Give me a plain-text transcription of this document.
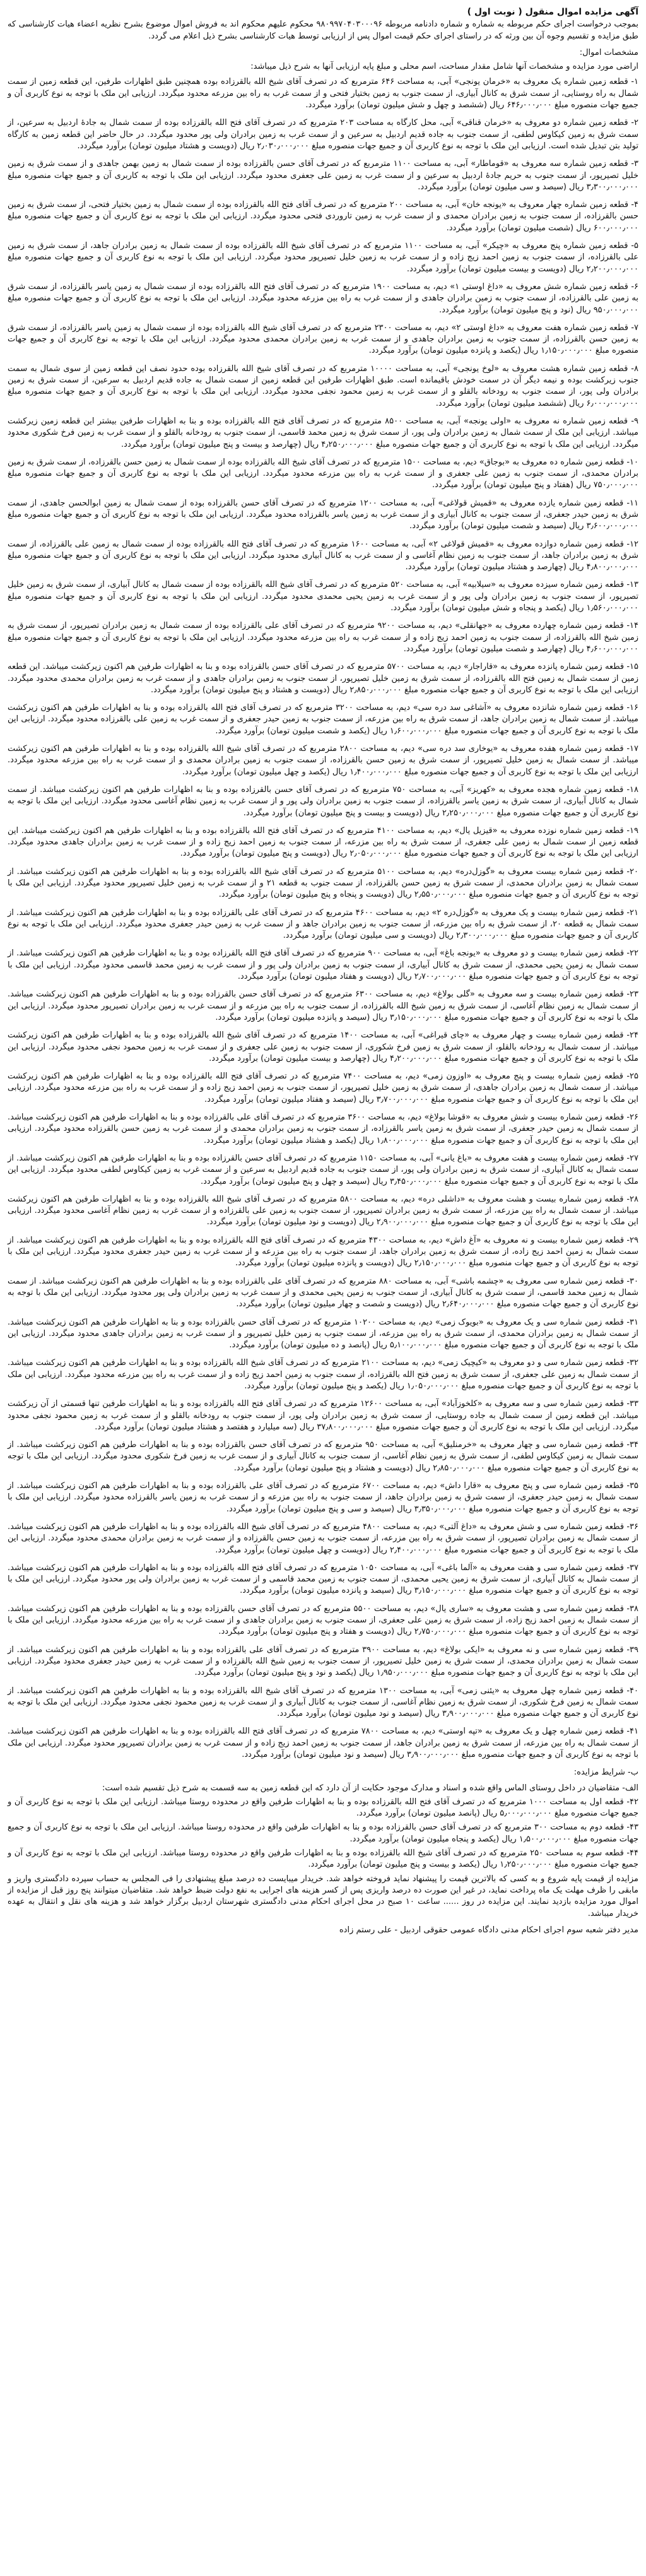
آگهی مزایده اموال منقول ( نوبت اول )
بموجب درخواست اجرای حکم مربوطه به شماره و شماره دادنامه مربوطه ۹۸۰۹۹۷۰۴۰۳۰۰۰۹۶ محکوم علیهم محکوم اند به فروش اموال موضوع بشرح نظریه اعضاء هیات کارشناسی که طبق مزایده و تقسیم وجوه آن بین ورثه که در راستای اجرای حکم قیمت اموال پس از ارزیابی توسط هیات کارشناسی بشرح ذیل اعلام می گردد.
مشخصات اموال:
اراضی مورد مزایده و مشخصات آنها شامل مقدار مساحت، اسم محلی و مبلغ پایه ارزیابی آنها به شرح ذیل میباشد:

۱- قطعه زمین شماره یک معروف به «خرمان یونجی» آبی، به مساحت ۶۴۶ مترمربع که در تصرف آقای شیخ الله بالقرزاده بوده همچنین طبق اظهارات طرفین، این قطعه زمین از سمت شمال به راه روستایی، از سمت شرق به کانال آبیاری، از سمت جنوب به زمین بختیار فتحی و از سمت غرب به راه بین مزرعه محدود میگردد. ارزیابی این ملک با توجه به نوع کاربری آن و جمیع جهات منصوره مبلغ ۶۴۶٫۰۰۰٫۰۰۰ ریال (ششصد و چهل و شش میلیون تومان) برآورد میگردد.

۲- قطعه زمین شماره دو معروف به «خرمان قناقی» آبی، محل کارگاه به مساحت ۲۰۳ مترمربع که در تصرف آقای فتح الله بالقرزاده بوده از سمت شمال به جادهٔ اردبیل به سرعین، از سمت شرق به زمین کیکاوس لطفی، از سمت جنوب به جاده قدیم اردبیل به سرعین و از سمت غرب به زمین برادران ولی پور محدود میگردد. در حال حاضر این قطعه زمین به کارگاه تولید بتن تبدیل شده است. ارزیابی این ملک با توجه به نوع کاربری آن و جمیع جهات منصوره مبلغ ۲٫۰۳۰٫۰۰۰٫۰۰۰ ریال (دویست و هشتاد میلیون تومان) برآورد میگردد.

۳- قطعه زمین شماره سه معروف به «قوماطار» آبی، به مساحت ۱۱۰۰ مترمربع که در تصرف آقای حسن بالقرزاده بوده از سمت شمال به زمین بهمن جاهدی و از سمت شرق به زمین خلیل تصیرپور، از سمت جنوب به حریم جادهٔ اردبیل به سرعین و از سمت غرب به زمین علی جعفری محدود میگردد. ارزیابی این ملک با توجه به کاربری آن و جمیع جهات منصوره مبلغ ۳٫۳۰۰٫۰۰۰٫۰۰۰ ریال (سیصد و سی میلیون تومان) برآورد میگردد.

۴- قطعه زمین شماره چهار معروف به «یونجه خان» آبی، به مساحت ۲۰۰ مترمربع که در تصرف آقای فتح الله بالقرزاده بوده از سمت شمال به زمین بختیار فتحی، از سمت شرق به زمین حسن بالقرزاده، از سمت جنوب به زمین برادران محمدی و از سمت غرب به زمین تاروردی فتحی محدود میگردد. ارزیابی این ملک با توجه به نوع کاربری آن و جمیع جهات منصوره مبلغ ۶۰۰٫۰۰۰٫۰۰۰ ریال (شصت میلیون تومان) برآورد میگردد.

۵- قطعه زمین شماره پنج معروف به «چیکر» آبی، به مساحت ۱۱۰۰ مترمربع که در تصرف آقای شیخ الله بالقرزاده بوده از سمت شمال به زمین برادران جاهد، از سمت شرق به زمین علی بالقرزاده، از سمت جنوب به زمین احمد زیج زاده و از سمت غرب به زمین خلیل تصیرپور محدود میگردد. ارزیابی این ملک با توجه به نوع کاربری آن و جمیع جهات منصوره مبلغ ۲٫۲۰۰٫۰۰۰٫۰۰۰ ریال (دویست و بیست میلیون تومان) برآورد میگردد.

۶- قطعه زمین شماره شش معروف به «داغ اوستی ۱» دیم، به مساحت ۱۹۰۰ مترمربع که در تصرف آقای فتح الله بالقرزاده بوده از سمت شمال به زمین یاسر بالقرزاده، از سمت شرق به زمین علی بالقرزاده، از سمت جنوب به زمین برادران جاهدی و از سمت غرب به راه بین مزرعه محدود میگردد. ارزیابی این ملک با توجه به نوع کاربری آن و جمیع جهات منصوره مبلغ ۹۵۰٫۰۰۰٫۰۰۰ ریال (نود و پنج میلیون تومان) برآورد میگردد.

۷- قطعه زمین شماره هفت معروف به «داغ اوستی ۲» دیم، به مساحت ۲۳۰۰ مترمربع که در تصرف آقای شیخ الله بالقرزاده بوده از سمت شمال به زمین یاسر بالقرزاده، از سمت شرق به زمین حسن بالقرزاده، از سمت جنوب به زمین برادران جاهدی و از سمت غرب به زمین برادران محمدی محدود میگردد. ارزیابی این ملک با توجه به نوع کاربری آن و جمیع جهات منصوره مبلغ ۱٫۱۵۰٫۰۰۰٫۰۰۰ ریال (یکصد و پانزده میلیون تومان) برآورد میگردد.

۸- قطعه زمین شماره هشت معروف به «لوخ یونجی» آبی، به مساحت ۱۰۰۰۰ مترمربع که در تصرف آقای شیخ الله بالقرزاده بوده حدود نصف این قطعه زمین از سوی شمال به سمت جنوب زیرکشت بوده و نیمه دیگر آن در سمت خودش باقیمانده است. طبق اظهارات طرفین این قطعه زمین از سمت شمال به جاده قدیم اردبیل به سرعین، از سمت شرق به زمین برادران ولی پور، از سمت جنوب به رودخانه بالقلو و از سمت غرب به زمین محمود نجفی محدود میگردد. ارزیابی این ملک با توجه به نوع کاربری آن و جمیع جهات منصوره مبلغ ۶٫۰۰۰٫۰۰۰٫۰۰۰ ریال (ششصد میلیون تومان) برآورد میگردد.

۹- قطعه زمین شماره نه معروف به «اولی یونجه» آبی، به مساحت ۸۵۰۰ مترمربع که در تصرف آقای فتح الله بالقرزاده بوده و بنا به اظهارات طرفین بیشتر این قطعه زمین زیرکشت میباشد. ارزیابی این ملک از سمت شمال به زمین برادران ولی پور، از سمت شرق به زمین محمد قاسمی، از سمت جنوب به رودخانه بالقلو و از سمت غرب به زمین فرخ شکوری محدود میگردد. ارزیابی این ملک با توجه به نوع کاربری آن و جمیع جهات منصوره مبلغ ۴٫۲۵۰٫۰۰۰٫۰۰۰ ریال (چهارصد و بیست و پنج میلیون تومان) برآورد میگردد.

۱۰- قطعه زمین شماره ده معروف به «بوجاق» دیم، به مساحت ۱۵۰۰ مترمربع که در تصرف آقای شیخ الله بالقرزاده بوده از سمت شمال به زمین حسن بالقرزاده، از سمت شرق به زمین برادران محمدی، از سمت جنوب به زمین علی جعفری و از سمت غرب به راه بین مزرعه محدود میگردد. ارزیابی این ملک با توجه به نوع کاربری آن و جمیع جهات منصوره مبلغ ۷۵۰٫۰۰۰٫۰۰۰ ریال (هفتاد و پنج میلیون تومان) برآورد میگردد.

۱۱- قطعه زمین شماره یازده معروف به «قمیش قولاغی» آبی، به مساحت ۱۲۰۰ مترمربع که در تصرف آقای حسن بالقرزاده بوده از سمت شمال به زمین ابوالحسن جاهدی، از سمت شرق به زمین حیدر جعفری، از سمت جنوب به کانال آبیاری و از سمت غرب به زمین یاسر بالقرزاده محدود میگردد. ارزیابی این ملک با توجه به نوع کاربری آن و جمیع جهات منصوره مبلغ ۳٫۶۰۰٫۰۰۰٫۰۰۰ ریال (سیصد و شصت میلیون تومان) برآورد میگردد.

۱۲- قطعه زمین شماره دوازده معروف به «قمیش قولاغی ۲» آبی، به مساحت ۱۶۰۰ مترمربع که در تصرف آقای فتح الله بالقرزاده بوده از سمت شمال به زمین علی بالقرزاده، از سمت شرق به زمین برادران جاهد، از سمت جنوب به زمین نظام آغاسی و از سمت غرب به کانال آبیاری محدود میگردد. ارزیابی این ملک با توجه به نوع کاربری آن و جمیع جهات منصوره مبلغ ۴٫۸۰۰٫۰۰۰٫۰۰۰ ریال (چهارصد و هشتاد میلیون تومان) برآورد میگردد.

۱۳- قطعه زمین شماره سیزده معروف به «سیلابیه» آبی، به مساحت ۵۲۰ مترمربع که در تصرف آقای شیخ الله بالقرزاده بوده از سمت شمال به کانال آبیاری، از سمت شرق به زمین خلیل تصیرپور، از سمت جنوب به زمین برادران ولی پور و از سمت غرب به زمین یحیی محمدی محدود میگردد. ارزیابی این ملک با توجه به نوع کاربری آن و جمیع جهات منصوره مبلغ ۱٫۵۶۰٫۰۰۰٫۰۰۰ ریال (یکصد و پنجاه و شش میلیون تومان) برآورد میگردد.

۱۴- قطعه زمین شماره چهارده معروف به «جهانقلی» دیم، به مساحت ۹۲۰۰ مترمربع که در تصرف آقای علی بالقرزاده بوده از سمت شمال به زمین برادران تصیرپور، از سمت شرق به زمین شیخ الله بالقرزاده، از سمت جنوب به زمین احمد زیج زاده و از سمت غرب به راه بین مزرعه محدود میگردد. ارزیابی این ملک با توجه به نوع کاربری آن و جمیع جهات منصوره مبلغ ۴٫۶۰۰٫۰۰۰٫۰۰۰ ریال (چهارصد و شصت میلیون تومان) برآورد میگردد.

۱۵- قطعه زمین شماره پانزده معروف به «قاراجار» دیم، به مساحت ۵۷۰۰ مترمربع که در تصرف آقای حسن بالقرزاده بوده و بنا به اظهارات طرفین هم اکنون زیرکشت میباشد. این قطعه زمین از سمت شمال به زمین فتح الله بالقرزاده، از سمت شرق به زمین خلیل تصیرپور، از سمت جنوب به زمین برادران جاهدی و از سمت غرب به زمین برادران محمدی محدود میگردد. ارزیابی این ملک با توجه به نوع کاربری آن و جمیع جهات منصوره مبلغ ۲٫۸۵۰٫۰۰۰٫۰۰۰ ریال (دویست و هشتاد و پنج میلیون تومان) برآورد میگردد.

۱۶- قطعه زمین شماره شانزده معروف به «آشاغی سد دره سی» دیم، به مساحت ۳۲۰۰ مترمربع که در تصرف آقای فتح الله بالقرزاده بوده و بنا به اظهارات طرفین هم اکنون زیرکشت میباشد. از سمت شمال به زمین برادران جاهد، از سمت شرق به راه بین مزرعه، از سمت جنوب به زمین حیدر جعفری و از سمت غرب به زمین علی بالقرزاده محدود میگردد. ارزیابی این ملک با توجه به نوع کاربری آن و جمیع جهات منصوره مبلغ ۱٫۶۰۰٫۰۰۰٫۰۰۰ ریال (یکصد و شصت میلیون تومان) برآورد میگردد.

۱۷- قطعه زمین شماره هفده معروف به «یوخاری سد دره سی» دیم، به مساحت ۲۸۰۰ مترمربع که در تصرف آقای شیخ الله بالقرزاده بوده و بنا به اظهارات طرفین هم اکنون زیرکشت میباشد. از سمت شمال به زمین خلیل تصیرپور، از سمت شرق به زمین حسن بالقرزاده، از سمت جنوب به زمین برادران محمدی و از سمت غرب به راه بین مزرعه محدود میگردد. ارزیابی این ملک با توجه به نوع کاربری آن و جمیع جهات منصوره مبلغ ۱٫۴۰۰٫۰۰۰٫۰۰۰ ریال (یکصد و چهل میلیون تومان) برآورد میگردد.

۱۸- قطعه زمین شماره هجده معروف به «کهریز» آبی، به مساحت ۷۵۰ مترمربع که در تصرف آقای حسن بالقرزاده بوده و بنا به اظهارات طرفین هم اکنون زیرکشت میباشد. از سمت شمال به کانال آبیاری، از سمت شرق به زمین یاسر بالقرزاده، از سمت جنوب به زمین برادران ولی پور و از سمت غرب به زمین نظام آغاسی محدود میگردد. ارزیابی این ملک با توجه به نوع کاربری آن و جمیع جهات منصوره مبلغ ۲٫۲۵۰٫۰۰۰٫۰۰۰ ریال (دویست و بیست و پنج میلیون تومان) برآورد میگردد.

۱۹- قطعه زمین شماره نوزده معروف به «قیزیل یال» دیم، به مساحت ۴۱۰۰ مترمربع که در تصرف آقای فتح الله بالقرزاده بوده و بنا به اظهارات طرفین هم اکنون زیرکشت میباشد. این قطعه زمین از سمت شمال به زمین علی جعفری، از سمت شرق به راه بین مزرعه، از سمت جنوب به زمین احمد زیج زاده و از سمت غرب به زمین برادران جاهدی محدود میگردد. ارزیابی این ملک با توجه به نوع کاربری آن و جمیع جهات منصوره مبلغ ۲٫۰۵۰٫۰۰۰٫۰۰۰ ریال (دویست و پنج میلیون تومان) برآورد میگردد.

۲۰- قطعه زمین شماره بیست معروف به «گوزل‌دره» دیم، به مساحت ۵۱۰۰ مترمربع که در تصرف آقای شیخ الله بالقرزاده بوده و بنا به اظهارات طرفین هم اکنون زیرکشت میباشد. از سمت شمال به زمین برادران محمدی، از سمت شرق به زمین حسن بالقرزاده، از سمت جنوب به قطعه ۲۱ و از سمت غرب به زمین خلیل تصیرپور محدود میگردد. ارزیابی این ملک با توجه به نوع کاربری آن و جمیع جهات منصوره مبلغ ۲٫۵۵۰٫۰۰۰٫۰۰۰ ریال (دویست و پنجاه و پنج میلیون تومان) برآورد میگردد.

۲۱- قطعه زمین شماره بیست و یک معروف به «گوزل‌دره ۲» دیم، به مساحت ۴۶۰۰ مترمربع که در تصرف آقای علی بالقرزاده بوده و بنا به اظهارات طرفین هم اکنون زیرکشت میباشد. از سمت شمال به قطعه ۲۰، از سمت شرق به راه بین مزرعه، از سمت جنوب به زمین برادران جاهد و از سمت غرب به زمین حیدر جعفری محدود میگردد. ارزیابی این ملک با توجه به نوع کاربری آن و جمیع جهات منصوره مبلغ ۲٫۳۰۰٫۰۰۰٫۰۰۰ ریال (دویست و سی میلیون تومان) برآورد میگردد.

۲۲- قطعه زمین شماره بیست و دو معروف به «یونجه باغ» آبی، به مساحت ۹۰۰ مترمربع که در تصرف آقای فتح الله بالقرزاده بوده و بنا به اظهارات طرفین هم اکنون زیرکشت میباشد. از سمت شمال به زمین یحیی محمدی، از سمت شرق به کانال آبیاری، از سمت جنوب به زمین برادران ولی پور و از سمت غرب به زمین محمد قاسمی محدود میگردد. ارزیابی این ملک با توجه به نوع کاربری آن و جمیع جهات منصوره مبلغ ۲٫۷۰۰٫۰۰۰٫۰۰۰ ریال (دویست و هفتاد میلیون تومان) برآورد میگردد.

۲۳- قطعه زمین شماره بیست و سه معروف به «گلی بولاغ» دیم، به مساحت ۶۳۰۰ مترمربع که در تصرف آقای حسن بالقرزاده بوده و بنا به اظهارات طرفین هم اکنون زیرکشت میباشد. از سمت شمال به زمین نظام آغاسی، از سمت شرق به زمین شیخ الله بالقرزاده، از سمت جنوب به راه بین مزرعه و از سمت غرب به زمین برادران تصیرپور محدود میگردد. ارزیابی این ملک با توجه به نوع کاربری آن و جمیع جهات منصوره مبلغ ۳٫۱۵۰٫۰۰۰٫۰۰۰ ریال (سیصد و پانزده میلیون تومان) برآورد میگردد.

۲۴- قطعه زمین شماره بیست و چهار معروف به «چای قیراغی» آبی، به مساحت ۱۴۰۰ مترمربع که در تصرف آقای شیخ الله بالقرزاده بوده و بنا به اظهارات طرفین هم اکنون زیرکشت میباشد. از سمت شمال به رودخانه بالقلو، از سمت شرق به زمین فرخ شکوری، از سمت جنوب به زمین علی جعفری و از سمت غرب به زمین محمود نجفی محدود میگردد. ارزیابی این ملک با توجه به نوع کاربری آن و جمیع جهات منصوره مبلغ ۴٫۲۰۰٫۰۰۰٫۰۰۰ ریال (چهارصد و بیست میلیون تومان) برآورد میگردد.

۲۵- قطعه زمین شماره بیست و پنج معروف به «اوزون زمی» دیم، به مساحت ۷۴۰۰ مترمربع که در تصرف آقای فتح الله بالقرزاده بوده و بنا به اظهارات طرفین هم اکنون زیرکشت میباشد. از سمت شمال به زمین برادران جاهدی، از سمت شرق به زمین خلیل تصیرپور، از سمت جنوب به زمین احمد زیج زاده و از سمت غرب به راه بین مزرعه محدود میگردد. ارزیابی این ملک با توجه به نوع کاربری آن و جمیع جهات منصوره مبلغ ۳٫۷۰۰٫۰۰۰٫۰۰۰ ریال (سیصد و هفتاد میلیون تومان) برآورد میگردد.

۲۶- قطعه زمین شماره بیست و شش معروف به «قوشا بولاغ» دیم، به مساحت ۳۶۰۰ مترمربع که در تصرف آقای علی بالقرزاده بوده و بنا به اظهارات طرفین هم اکنون زیرکشت میباشد. از سمت شمال به زمین حیدر جعفری، از سمت شرق به زمین یاسر بالقرزاده، از سمت جنوب به زمین برادران محمدی و از سمت غرب به زمین حسن بالقرزاده محدود میگردد. ارزیابی این ملک با توجه به نوع کاربری آن و جمیع جهات منصوره مبلغ ۱٫۸۰۰٫۰۰۰٫۰۰۰ ریال (یکصد و هشتاد میلیون تومان) برآورد میگردد.

۲۷- قطعه زمین شماره بیست و هفت معروف به «باغ یانی» آبی، به مساحت ۱۱۵۰ مترمربع که در تصرف آقای حسن بالقرزاده بوده و بنا به اظهارات طرفین هم اکنون زیرکشت میباشد. از سمت شمال به کانال آبیاری، از سمت شرق به زمین برادران ولی پور، از سمت جنوب به جاده قدیم اردبیل به سرعین و از سمت غرب به زمین کیکاوس لطفی محدود میگردد. ارزیابی این ملک با توجه به نوع کاربری آن و جمیع جهات منصوره مبلغ ۳٫۴۵۰٫۰۰۰٫۰۰۰ ریال (سیصد و چهل و پنج میلیون تومان) برآورد میگردد.

۲۸- قطعه زمین شماره بیست و هشت معروف به «داشلی دره» دیم، به مساحت ۵۸۰۰ مترمربع که در تصرف آقای شیخ الله بالقرزاده بوده و بنا به اظهارات طرفین هم اکنون زیرکشت میباشد. از سمت شمال به راه بین مزرعه، از سمت شرق به زمین برادران تصیرپور، از سمت جنوب به زمین علی بالقرزاده و از سمت غرب به زمین نظام آغاسی محدود میگردد. ارزیابی این ملک با توجه به نوع کاربری آن و جمیع جهات منصوره مبلغ ۲٫۹۰۰٫۰۰۰٫۰۰۰ ریال (دویست و نود میلیون تومان) برآورد میگردد.

۲۹- قطعه زمین شماره بیست و نه معروف به «آغ داش» دیم، به مساحت ۴۳۰۰ مترمربع که در تصرف آقای فتح الله بالقرزاده بوده و بنا به اظهارات طرفین هم اکنون زیرکشت میباشد. از سمت شمال به زمین احمد زیج زاده، از سمت شرق به زمین برادران جاهد، از سمت جنوب به راه بین مزرعه و از سمت غرب به زمین حیدر جعفری محدود میگردد. ارزیابی این ملک با توجه به نوع کاربری آن و جمیع جهات منصوره مبلغ ۲٫۱۵۰٫۰۰۰٫۰۰۰ ریال (دویست و پانزده میلیون تومان) برآورد میگردد.

۳۰- قطعه زمین شماره سی معروف به «چشمه باشی» آبی، به مساحت ۸۸۰ مترمربع که در تصرف آقای علی بالقرزاده بوده و بنا به اظهارات طرفین هم اکنون زیرکشت میباشد. از سمت شمال به زمین محمد قاسمی، از سمت شرق به کانال آبیاری، از سمت جنوب به زمین یحیی محمدی و از سمت غرب به زمین برادران ولی پور محدود میگردد. ارزیابی این ملک با توجه به نوع کاربری آن و جمیع جهات منصوره مبلغ ۲٫۶۴۰٫۰۰۰٫۰۰۰ ریال (دویست و شصت و چهار میلیون تومان) برآورد میگردد.

۳۱- قطعه زمین شماره سی و یک معروف به «بویوک زمی» دیم، به مساحت ۱۰۲۰۰ مترمربع که در تصرف آقای حسن بالقرزاده بوده و بنا به اظهارات طرفین هم اکنون زیرکشت میباشد. از سمت شمال به زمین برادران محمدی، از سمت شرق به راه بین مزرعه، از سمت جنوب به زمین خلیل تصیرپور و از سمت غرب به زمین برادران جاهدی محدود میگردد. ارزیابی این ملک با توجه به نوع کاربری آن و جمیع جهات منصوره مبلغ ۵٫۱۰۰٫۰۰۰٫۰۰۰ ریال (پانصد و ده میلیون تومان) برآورد میگردد.

۳۲- قطعه زمین شماره سی و دو معروف به «کیچیک زمی» دیم، به مساحت ۲۱۰۰ مترمربع که در تصرف آقای شیخ الله بالقرزاده بوده و بنا به اظهارات طرفین هم اکنون زیرکشت میباشد. از سمت شمال به زمین علی جعفری، از سمت شرق به زمین فتح الله بالقرزاده، از سمت جنوب به زمین احمد زیج زاده و از سمت غرب به راه بین مزرعه محدود میگردد. ارزیابی این ملک با توجه به نوع کاربری آن و جمیع جهات منصوره مبلغ ۱٫۰۵۰٫۰۰۰٫۰۰۰ ریال (یکصد و پنج میلیون تومان) برآورد میگردد.

۳۳- قطعه زمین شماره سی و سه معروف به «کلخوزآباد» آبی، به مساحت ۱۲۶۰۰ مترمربع که در تصرف آقای فتح الله بالقرزاده بوده و بنا به اظهارات طرفین تنها قسمتی از آن زیرکشت میباشد. این قطعه زمین از سمت شمال به جاده روستایی، از سمت شرق به زمین برادران ولی پور، از سمت جنوب به رودخانه بالقلو و از سمت غرب به زمین محمود نجفی محدود میگردد. ارزیابی این ملک با توجه به نوع کاربری آن و جمیع جهات منصوره مبلغ ۳۷٫۸۰۰٫۰۰۰٫۰۰۰ ریال (سه میلیارد و هفتصد و هشتاد میلیون تومان) برآورد میگردد.

۳۴- قطعه زمین شماره سی و چهار معروف به «خرمنلیق» آبی، به مساحت ۹۵۰ مترمربع که در تصرف آقای حسن بالقرزاده بوده و بنا به اظهارات طرفین هم اکنون زیرکشت میباشد. از سمت شمال به زمین کیکاوس لطفی، از سمت شرق به زمین نظام آغاسی، از سمت جنوب به کانال آبیاری و از سمت غرب به زمین فرخ شکوری محدود میگردد. ارزیابی این ملک با توجه به نوع کاربری آن و جمیع جهات منصوره مبلغ ۲٫۸۵۰٫۰۰۰٫۰۰۰ ریال (دویست و هشتاد و پنج میلیون تومان) برآورد میگردد.

۳۵- قطعه زمین شماره سی و پنج معروف به «قارا داش» دیم، به مساحت ۶۷۰۰ مترمربع که در تصرف آقای علی بالقرزاده بوده و بنا به اظهارات طرفین هم اکنون زیرکشت میباشد. از سمت شمال به زمین حیدر جعفری، از سمت شرق به زمین برادران جاهد، از سمت جنوب به راه بین مزرعه و از سمت غرب به زمین یاسر بالقرزاده محدود میگردد. ارزیابی این ملک با توجه به نوع کاربری آن و جمیع جهات منصوره مبلغ ۳٫۳۵۰٫۰۰۰٫۰۰۰ ریال (سیصد و سی و پنج میلیون تومان) برآورد میگردد.

۳۶- قطعه زمین شماره سی و شش معروف به «داغ آلتی» دیم، به مساحت ۴۸۰۰ مترمربع که در تصرف آقای شیخ الله بالقرزاده بوده و بنا به اظهارات طرفین هم اکنون زیرکشت میباشد. از سمت شمال به زمین برادران تصیرپور، از سمت شرق به راه بین مزرعه، از سمت جنوب به زمین حسن بالقرزاده و از سمت غرب به زمین برادران محمدی محدود میگردد. ارزیابی این ملک با توجه به نوع کاربری آن و جمیع جهات منصوره مبلغ ۲٫۴۰۰٫۰۰۰٫۰۰۰ ریال (دویست و چهل میلیون تومان) برآورد میگردد.

۳۷- قطعه زمین شماره سی و هفت معروف به «آلما باغی» آبی، به مساحت ۱۰۵۰ مترمربع که در تصرف آقای فتح الله بالقرزاده بوده و بنا به اظهارات طرفین هم اکنون زیرکشت میباشد. از سمت شمال به کانال آبیاری، از سمت شرق به زمین یحیی محمدی، از سمت جنوب به زمین محمد قاسمی و از سمت غرب به زمین برادران ولی پور محدود میگردد. ارزیابی این ملک با توجه به نوع کاربری آن و جمیع جهات منصوره مبلغ ۳٫۱۵۰٫۰۰۰٫۰۰۰ ریال (سیصد و پانزده میلیون تومان) برآورد میگردد.

۳۸- قطعه زمین شماره سی و هشت معروف به «سارى يال» دیم، به مساحت ۵۵۰۰ مترمربع که در تصرف آقای حسن بالقرزاده بوده و بنا به اظهارات طرفین هم اکنون زیرکشت میباشد. از سمت شمال به زمین احمد زیج زاده، از سمت شرق به زمین علی جعفری، از سمت جنوب به زمین برادران جاهدی و از سمت غرب به راه بین مزرعه محدود میگردد. ارزیابی این ملک با توجه به نوع کاربری آن و جمیع جهات منصوره مبلغ ۲٫۷۵۰٫۰۰۰٫۰۰۰ ریال (دویست و هفتاد و پنج میلیون تومان) برآورد میگردد.

۳۹- قطعه زمین شماره سی و نه معروف به «ایکی بولاغ» دیم، به مساحت ۳۹۰۰ مترمربع که در تصرف آقای علی بالقرزاده بوده و بنا به اظهارات طرفین هم اکنون زیرکشت میباشد. از سمت شمال به زمین برادران محمدی، از سمت شرق به زمین خلیل تصیرپور، از سمت جنوب به زمین شیخ الله بالقرزاده و از سمت غرب به زمین حیدر جعفری محدود میگردد. ارزیابی این ملک با توجه به نوع کاربری آن و جمیع جهات منصوره مبلغ ۱٫۹۵۰٫۰۰۰٫۰۰۰ ریال (یکصد و نود و پنج میلیون تومان) برآورد میگردد.

۴۰- قطعه زمین شماره چهل معروف به «یئنی زمی» آبی، به مساحت ۱۳۰۰ مترمربع که در تصرف آقای شیخ الله بالقرزاده بوده و بنا به اظهارات طرفین هم اکنون زیرکشت میباشد. از سمت شمال به زمین فرخ شکوری، از سمت شرق به زمین نظام آغاسی، از سمت جنوب به کانال آبیاری و از سمت غرب به زمین محمود نجفی محدود میگردد. ارزیابی این ملک با توجه به نوع کاربری آن و جمیع جهات منصوره مبلغ ۳٫۹۰۰٫۰۰۰٫۰۰۰ ریال (سیصد و نود میلیون تومان) برآورد میگردد.

۴۱- قطعه زمین شماره چهل و یک معروف به «تپه اوستی» دیم، به مساحت ۷۸۰۰ مترمربع که در تصرف آقای فتح الله بالقرزاده بوده و بنا به اظهارات طرفین هم اکنون زیرکشت میباشد. از سمت شمال به راه بین مزرعه، از سمت شرق به زمین برادران جاهد، از سمت جنوب به زمین احمد زیج زاده و از سمت غرب به زمین برادران تصیرپور محدود میگردد. ارزیابی این ملک با توجه به نوع کاربری آن و جمیع جهات منصوره مبلغ ۳٫۹۰۰٫۰۰۰٫۰۰۰ ریال (سیصد و نود میلیون تومان) برآورد میگردد.

ب- شرایط مزایده:

الف- متقاضیان در داخل روستای الماس واقع شده و اسناد و مدارک موجود حکایت از آن دارد که این قطعه زمین به سه قسمت به شرح ذیل تقسیم شده است:

۴۲- قطعه اول به مساحت ۱۰۰۰ مترمربع که در تصرف آقای فتح الله بالقرزاده بوده و بنا به اظهارات طرفین واقع در محدوده روستا میباشد. ارزیابی این ملک با توجه به نوع کاربری آن و جمیع جهات منصوره مبلغ ۵٫۰۰۰٫۰۰۰٫۰۰۰ ریال (پانصد میلیون تومان) برآورد میگردد.

۴۳- قطعه دوم به مساحت ۳۰۰ مترمربع که در تصرف آقای حسن بالقرزاده بوده و بنا به اظهارات طرفین واقع در محدوده روستا میباشد. ارزیابی این ملک با توجه به نوع کاربری آن و جمیع جهات منصوره مبلغ ۱٫۵۰۰٫۰۰۰٫۰۰۰ ریال (یکصد و پنجاه میلیون تومان) برآورد میگردد.

۴۴- قطعه سوم به مساحت ۲۵۰ مترمربع که در تصرف آقای شیخ الله بالقرزاده بوده و بنا به اظهارات طرفین واقع در محدوده روستا میباشد. ارزیابی این ملک با توجه به نوع کاربری آن و جمیع جهات منصوره مبلغ ۱٫۲۵۰٫۰۰۰٫۰۰۰ ریال (یکصد و بیست و پنج میلیون تومان) برآورد میگردد.

مزایده از قیمت پایه شروع و به کسی که بالاترین قیمت را پیشنهاد نماید فروخته خواهد شد. خریدار میبایست ده درصد مبلغ پیشنهادی را فی المجلس به حساب سپرده دادگستری واریز و مابقی را ظرف مهلت یک ماه پرداخت نماید، در غیر این صورت ده درصد واریزی پس از کسر هزینه های اجرایی به نفع دولت ضبط خواهد شد. متقاضیان میتوانند پنج روز قبل از مزایده از اموال مورد مزایده بازدید نمایند. این مزایده در روز ...... ساعت ۱۰ صبح در محل اجرای احکام مدنی دادگستری شهرستان اردبیل برگزار خواهد شد و هزینه های نقل و انتقال به عهده خریدار میباشد.

مدیر دفتر شعبه سوم اجرای احکام مدنی دادگاه عمومی حقوقی اردبیل - علی رستم زاده
